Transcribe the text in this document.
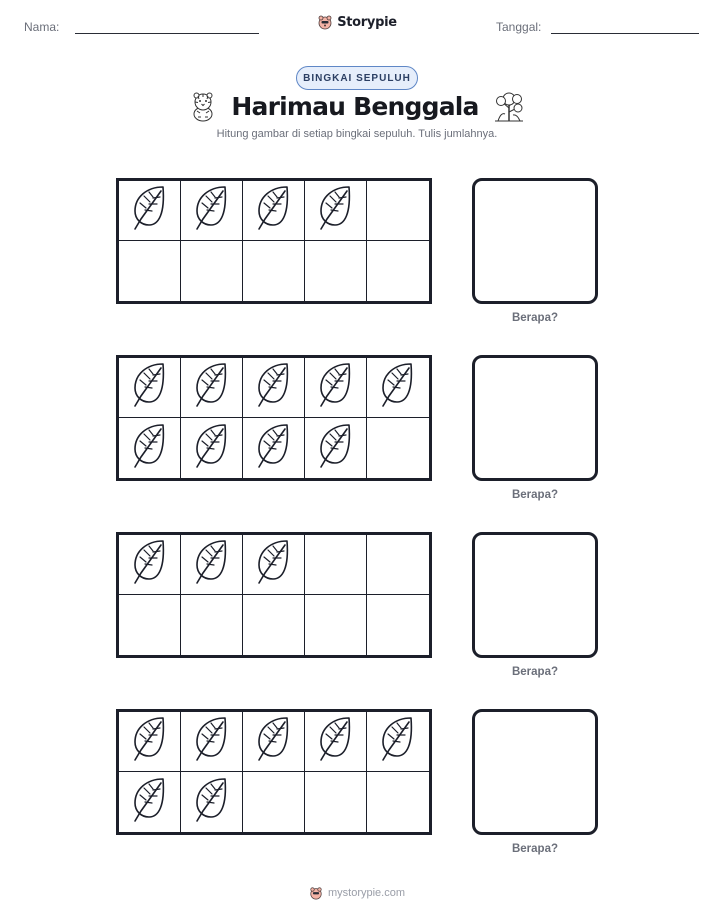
Nama:	Storypie	Tanggal:
BINGKAI SEPULUH
Harimau Benggala
Hitung gambar di setiap bingkai sepuluh. Tulis jumlahnya.
Berapa?
Berapa?
Berapa?
Berapa?
mystorypie.com
